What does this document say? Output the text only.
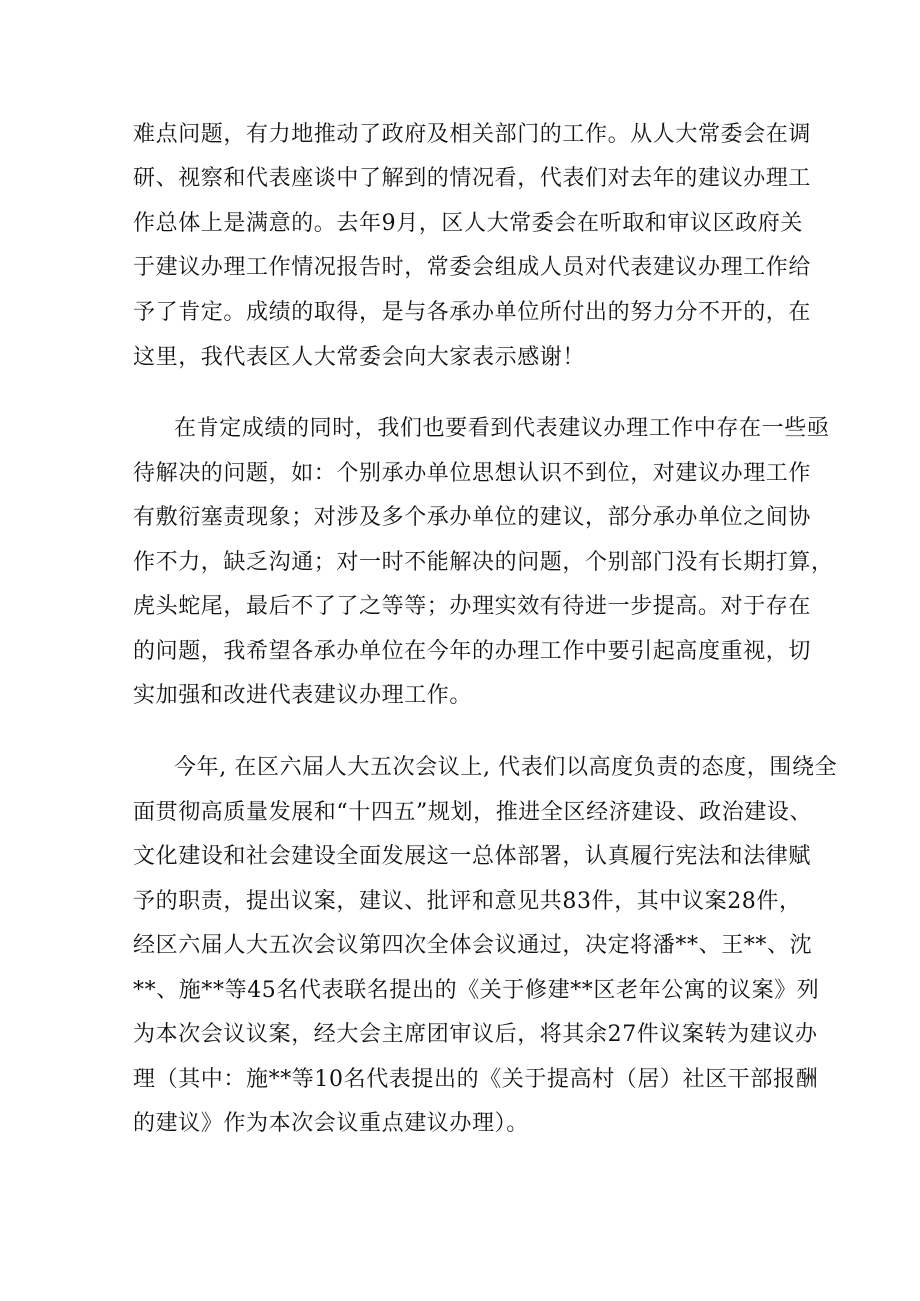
难点问题，有力地推动了政府及相关部门的工作。从人大常委会在调
研、视察和代表座谈中了解到的情况看，代表们对去年的建议办理工
作总体上是满意的。去年9月，区人大常委会在听取和审议区政府关
于建议办理工作情况报告时，常委会组成人员对代表建议办理工作给
予了肯定。成绩的取得，是与各承办单位所付出的努力分不开的，在
这里，我代表区人大常委会向大家表示感谢！
在肯定成绩的同时，我们也要看到代表建议办理工作中存在一些亟
待解决的问题，如：个别承办单位思想认识不到位，对建议办理工作
有敷衍塞责现象；对涉及多个承办单位的建议，部分承办单位之间协
作不力，缺乏沟通；对一时不能解决的问题，个别部门没有长期打算，
虎头蛇尾，最后不了了之等等；办理实效有待进一步提高。对于存在
的问题，我希望各承办单位在今年的办理工作中要引起高度重视，切
实加强和改进代表建议办理工作。
今年, 在区六届人大五次会议上, 代表们以高度负责的态度，围绕全
面贯彻高质量发展和“十四五”规划，推进全区经济建设、政治建设、
文化建设和社会建设全面发展这一总体部署，认真履行宪法和法律赋
予的职责，提出议案，建议、批评和意见共83件，其中议案28件，
经区六届人大五次会议第四次全体会议通过，决定将潘**、王**、沈
**、施**等45名代表联名提出的《关于修建**区老年公寓的议案》列
为本次会议议案，经大会主席团审议后，将其余27件议案转为建议办
理（其中：施**等10名代表提出的《关于提高村（居）社区干部报酬
的建议》作为本次会议重点建议办理）。
